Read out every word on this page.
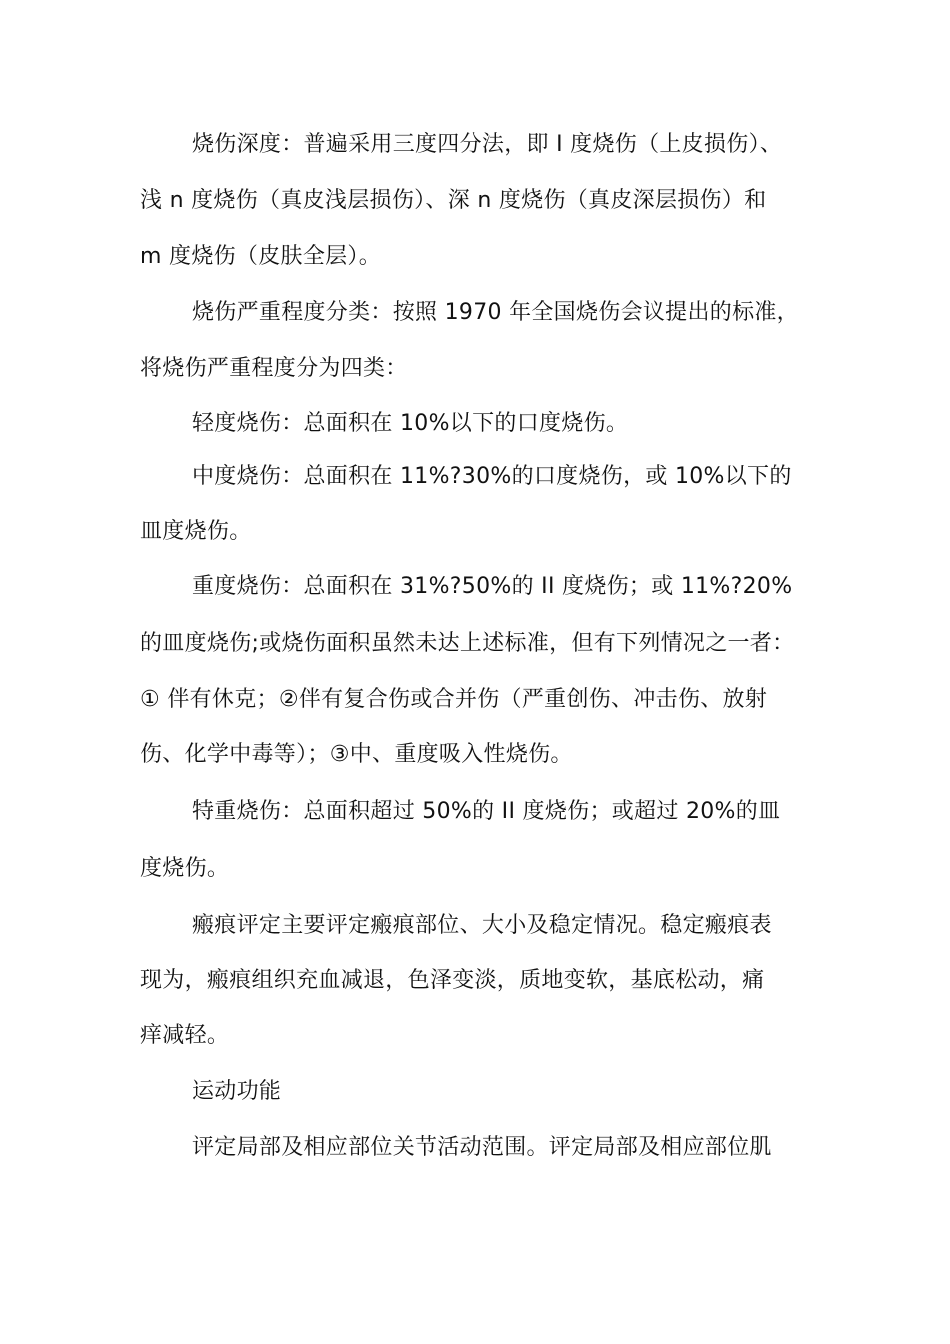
烧伤深度：普遍采用三度四分法，即 I 度烧伤（上皮损伤）、
浅 n 度烧伤（真皮浅层损伤）、深 n 度烧伤（真皮深层损伤）和
m 度烧伤（皮肤全层）。
烧伤严重程度分类：按照 1970 年全国烧伤会议提出的标准，
将烧伤严重程度分为四类：
轻度烧伤：总面积在 10%以下的口度烧伤。
中度烧伤：总面积在 11%?30%的口度烧伤，或 10%以下的
皿度烧伤。
重度烧伤：总面积在 31%?50%的 II 度烧伤；或 11%?20%
的皿度烧伤;或烧伤面积虽然未达上述标准，但有下列情况之一者：
① 伴有休克；②伴有复合伤或合并伤（严重创伤、冲击伤、放射
伤、化学中毒等）；③中、重度吸入性烧伤。
特重烧伤：总面积超过 50%的 II 度烧伤；或超过 20%的皿
度烧伤。
瘢痕评定主要评定瘢痕部位、大小及稳定情况。稳定瘢痕表
现为，瘢痕组织充血减退，色泽变淡，质地变软，基底松动，痛
痒减轻。
运动功能
评定局部及相应部位关节活动范围。评定局部及相应部位肌
